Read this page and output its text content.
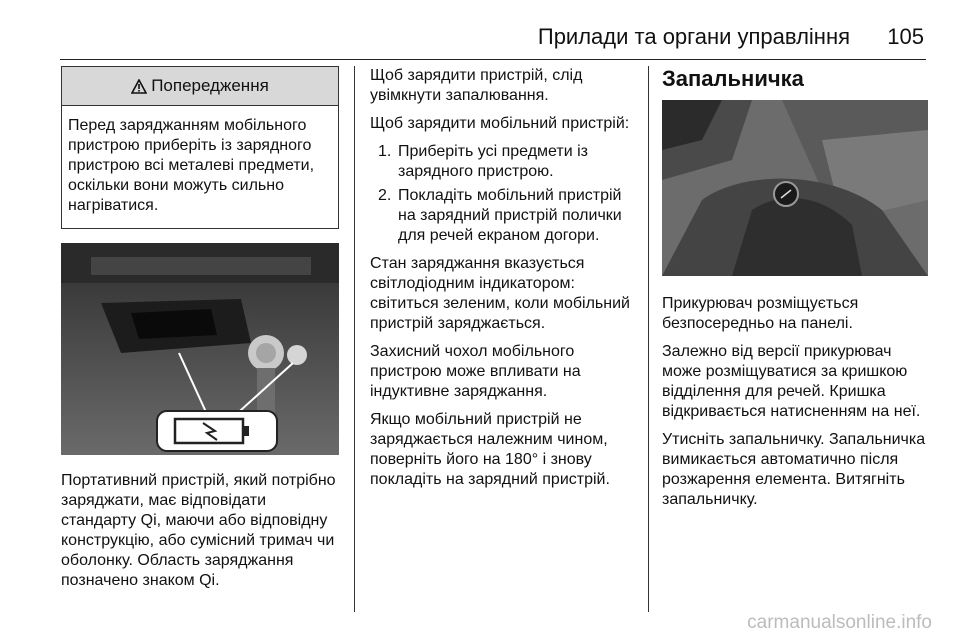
Прилади та органи управління 105
Попередження
Перед заряджанням мобільного пристрою приберіть із зарядного пристрою всі металеві предмети, оскільки вони можуть сильно нагріватися.

Портативний пристрій, який потрібно заряджати, має відповідати стандарту Qi, маючи або відповідну конструкцію, або сумісний тримач чи оболонку. Область заряджання позначено знаком Qi.

Щоб зарядити пристрій, слід увімкнути запалювання.

Щоб зарядити мобільний пристрій:

1. Приберіть усі предмети із зарядного пристрою.
2. Покладіть мобільний пристрій на зарядний пристрій полички для речей екраном догори.

Стан заряджання вказується світлодіодним індикатором: світиться зеленим, коли мобільний пристрій заряджається.

Захисний чохол мобільного пристрою може впливати на індуктивне заряджання.

Якщо мобільний пристрій не заряджається належним чином, поверніть його на 180° і знову покладіть на зарядний пристрій.

Запальничка

Прикурювач розміщується безпосередньо на панелі.

Залежно від версії прикурювач може розміщуватися за кришкою відділення для речей. Кришка відкривається натисненням на неї.

Утисніть запальничку. Запальничка вимикається автоматично після розжарення елемента. Витягніть запальничку.

carmanualsonline.info
